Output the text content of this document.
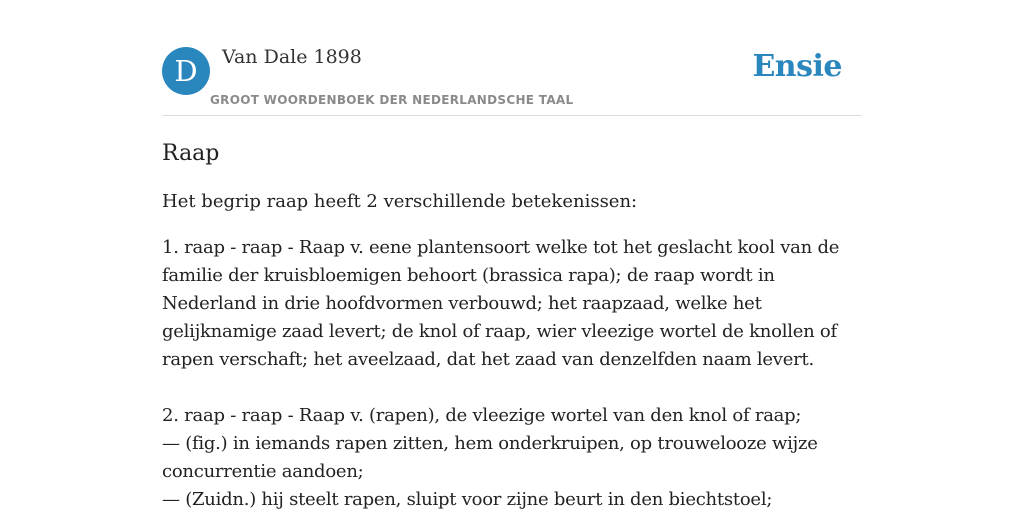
D	Van Dale 1898
GROOT WOORDENBOEK DER NEDERLANDSCHE TAAL
Ensie
Raap

Het begrip raap heeft 2 verschillende betekenissen:

1. raap - raap - Raap v. eene plantensoort welke tot het geslacht kool van de familie der kruisbloemigen behoort (brassica rapa); de raap wordt in Nederland in drie hoofdvormen verbouwd; het raapzaad, welke het gelijknamige zaad levert; de knol of raap, wier vleezige wortel de knollen of rapen verschaft; het aveelzaad, dat het zaad van denzelfden naam levert.

2. raap - raap - Raap v. (rapen), de vleezige wortel van den knol of raap;

— (fig.) in iemands rapen zitten, hem onderkruipen, op trouwelooze wijze concurrentie aandoen;

— (Zuidn.) hij steelt rapen, sluipt voor zijne beurt in den biechtstoel;
